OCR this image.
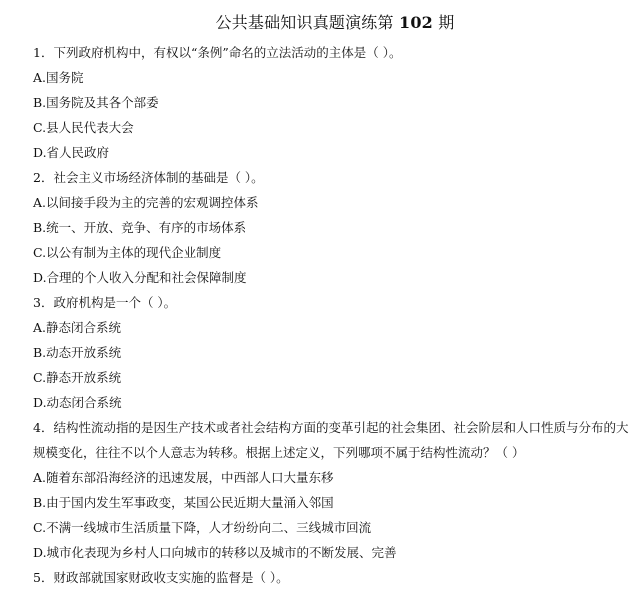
公共基础知识真题演练第 102 期

1．下列政府机构中，有权以“条例”命名的立法活动的主体是（ ）。

A.国务院

B.国务院及其各个部委

C.县人民代表大会

D.省人民政府

2．社会主义市场经济体制的基础是（ ）。

A.以间接手段为主的完善的宏观调控体系

B.统一、开放、竞争、有序的市场体系

C.以公有制为主体的现代企业制度

D.合理的个人收入分配和社会保障制度

3．政府机构是一个（ ）。

A.静态闭合系统

B.动态开放系统

C.静态开放系统

D.动态闭合系统

4．结构性流动指的是因生产技术或者社会结构方面的变革引起的社会集团、社会阶层和人口性质与分布的大规模变化，往往不以个人意志为转移。根据上述定义，下列哪项不属于结构性流动？（ ）

A.随着东部沿海经济的迅速发展，中西部人口大量东移

B.由于国内发生军事政变，某国公民近期大量涌入邻国

C.不满一线城市生活质量下降，人才纷纷向二、三线城市回流

D.城市化表现为乡村人口向城市的转移以及城市的不断发展、完善

5．财政部就国家财政收支实施的监督是（ ）。
